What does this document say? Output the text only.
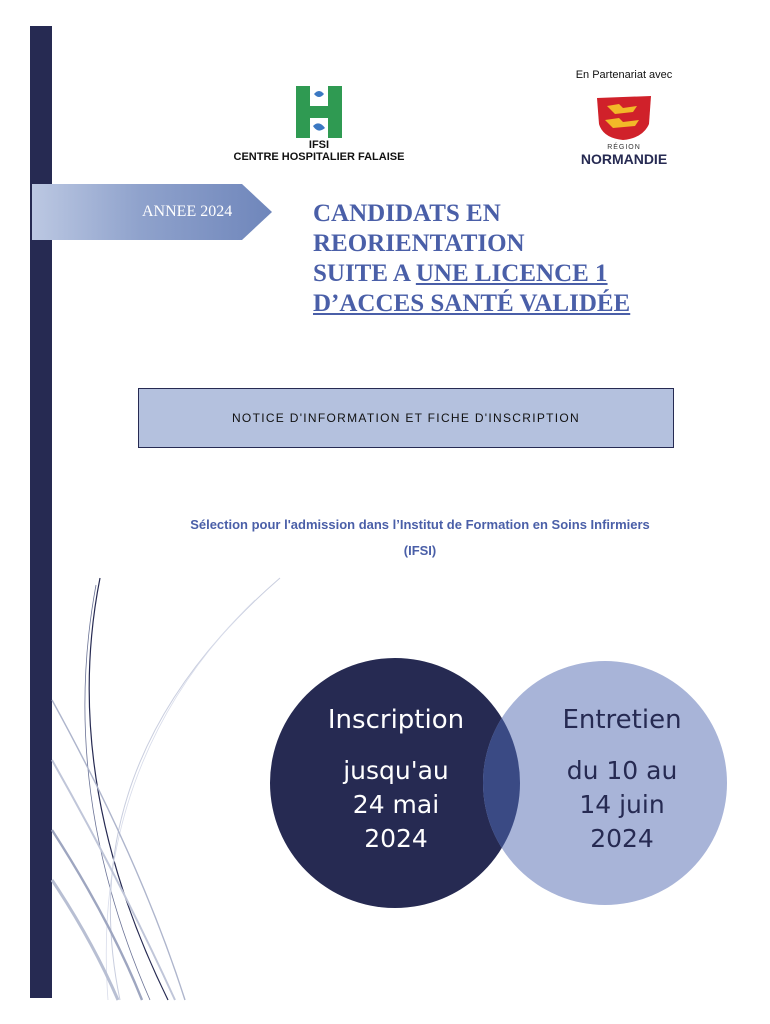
IFSI
CENTRE HOSPITALIER FALAISE
En Partenariat avec
RÉGION
NORMANDIE
ANNEE 2024	CANDIDATS EN
REORIENTATION
SUITE A UNE LICENCE 1
D’ACCES SANTÉ VALIDÉE
NOTICE D'INFORMATION ET FICHE D'INSCRIPTION
Sélection pour l'admission dans l’Institut de Formation en Soins Infirmiers
(IFSI)
Inscription
jusqu'au
24 mai
2024
Entretien
du 10 au
14 juin
2024
